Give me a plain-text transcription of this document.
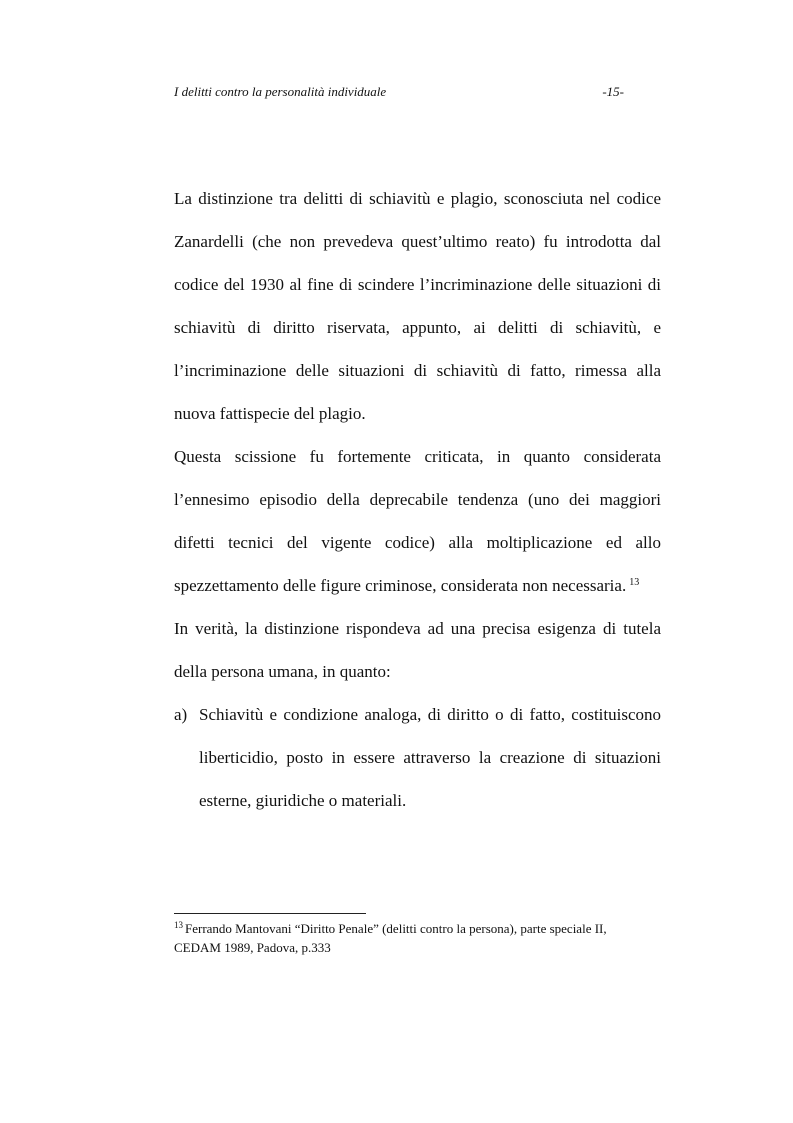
I delitti contro la personalità individuale	-15-

La distinzione tra delitti di schiavitù e plagio, sconosciuta nel codice Zanardelli (che non prevedeva quest’ultimo reato) fu introdotta dal codice del 1930 al fine di scindere l’incriminazione delle situazioni di schiavitù di diritto riservata, appunto, ai delitti di schiavitù, e l’incriminazione delle situazioni di schiavitù di fatto, rimessa alla nuova fattispecie del plagio.

Questa scissione fu fortemente criticata, in quanto considerata l’ennesimo episodio della deprecabile tendenza (uno dei maggiori difetti tecnici del vigente codice) alla moltiplicazione ed allo spezzettamento delle figure criminose, considerata non necessaria. $^{13}$

In verità, la distinzione rispondeva ad una precisa esigenza di tutela della persona umana, in quanto:

a) Schiavitù e condizione analoga, di diritto o di fatto, costituiscono liberticidio, posto in essere attraverso la creazione di situazioni esterne, giuridiche o materiali.

$^{13}$ Ferrando Mantovani “Diritto Penale” (delitti contro la persona), parte speciale II, CEDAM 1989, Padova, p.333
